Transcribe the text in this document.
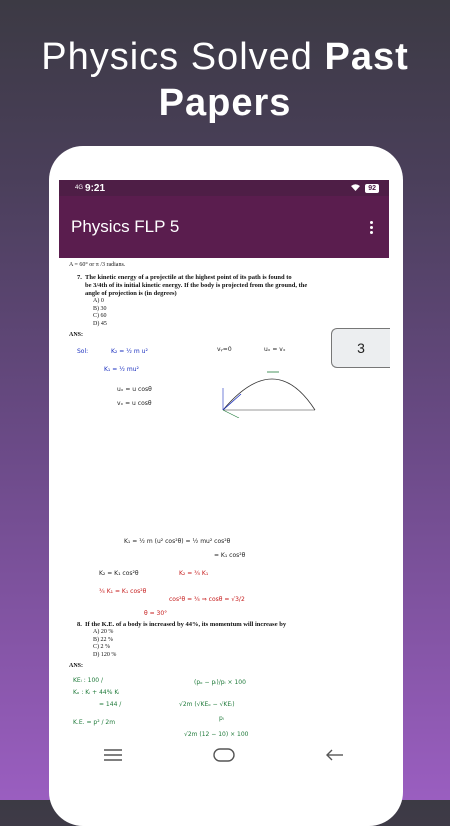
Physics Solved Past Papers
4G 9:21	92
Physics FLP 5
A = 60° or π /3 radians.
7. The kinetic energy of a projectile at the highest point of its path is found to
be 3/4th of its initial kinetic energy. If the body is projected from the ground, the
angle of projection is (in degrees)
A) 0
B) 30
C) 60
D) 45
ANS:
Sol:	K₂ = ½ m u²
K₁ = ½ mu²
uₓ = u cosθ
vₓ = u cosθ
vᵧ=0	uₓ = vₓ
K₁ = ½ m (u² cos²θ) = ½ mu² cos²θ
= K₁ cos²θ
K₂ = K₁ cos²θ	K₂ = ¾ K₁
¾ K₁ = K₁ cos²θ
cos²θ = ¾ ⇒ cosθ = √3/2
θ = 30°
8. If the K.E. of a body is increased by 44%, its momentum will increase by
A) 20 %
B) 22 %
C) 2 %
D) 120 %
ANS:
KEᵢ : 100 /
Kₒ : Kᵢ + 44% Kᵢ
= 144 /
K.E. = p² / 2m
(pₒ − pᵢ)/pᵢ × 100
√2m (√KEₒ − √KEᵢ)
pᵢ
√2m (12 − 10) × 100
3
